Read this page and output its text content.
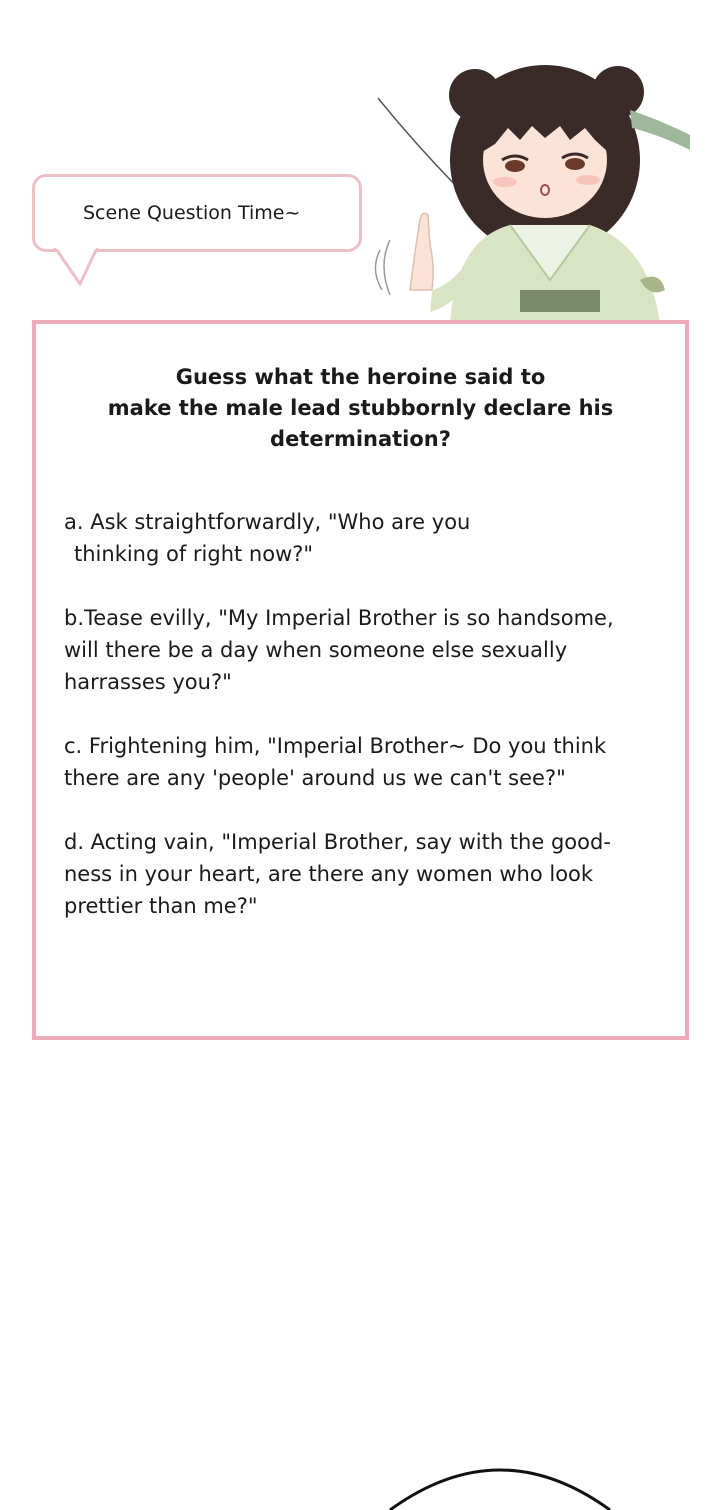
Scene Question Time~
Guess what the heroine said to
make the male lead stubbornly declare his
determination?
a. Ask straightforwardly, "Who are you
thinking of right now?"
b.Tease evilly, "My Imperial Brother is so handsome,
will there be a day when someone else sexually
harrasses you?"
c. Frightening him, "Imperial Brother~ Do you think
there are any 'people' around us we can't see?"
d. Acting vain, "Imperial Brother, say with the good-
ness in your heart, are there any women who look
prettier than me?"
